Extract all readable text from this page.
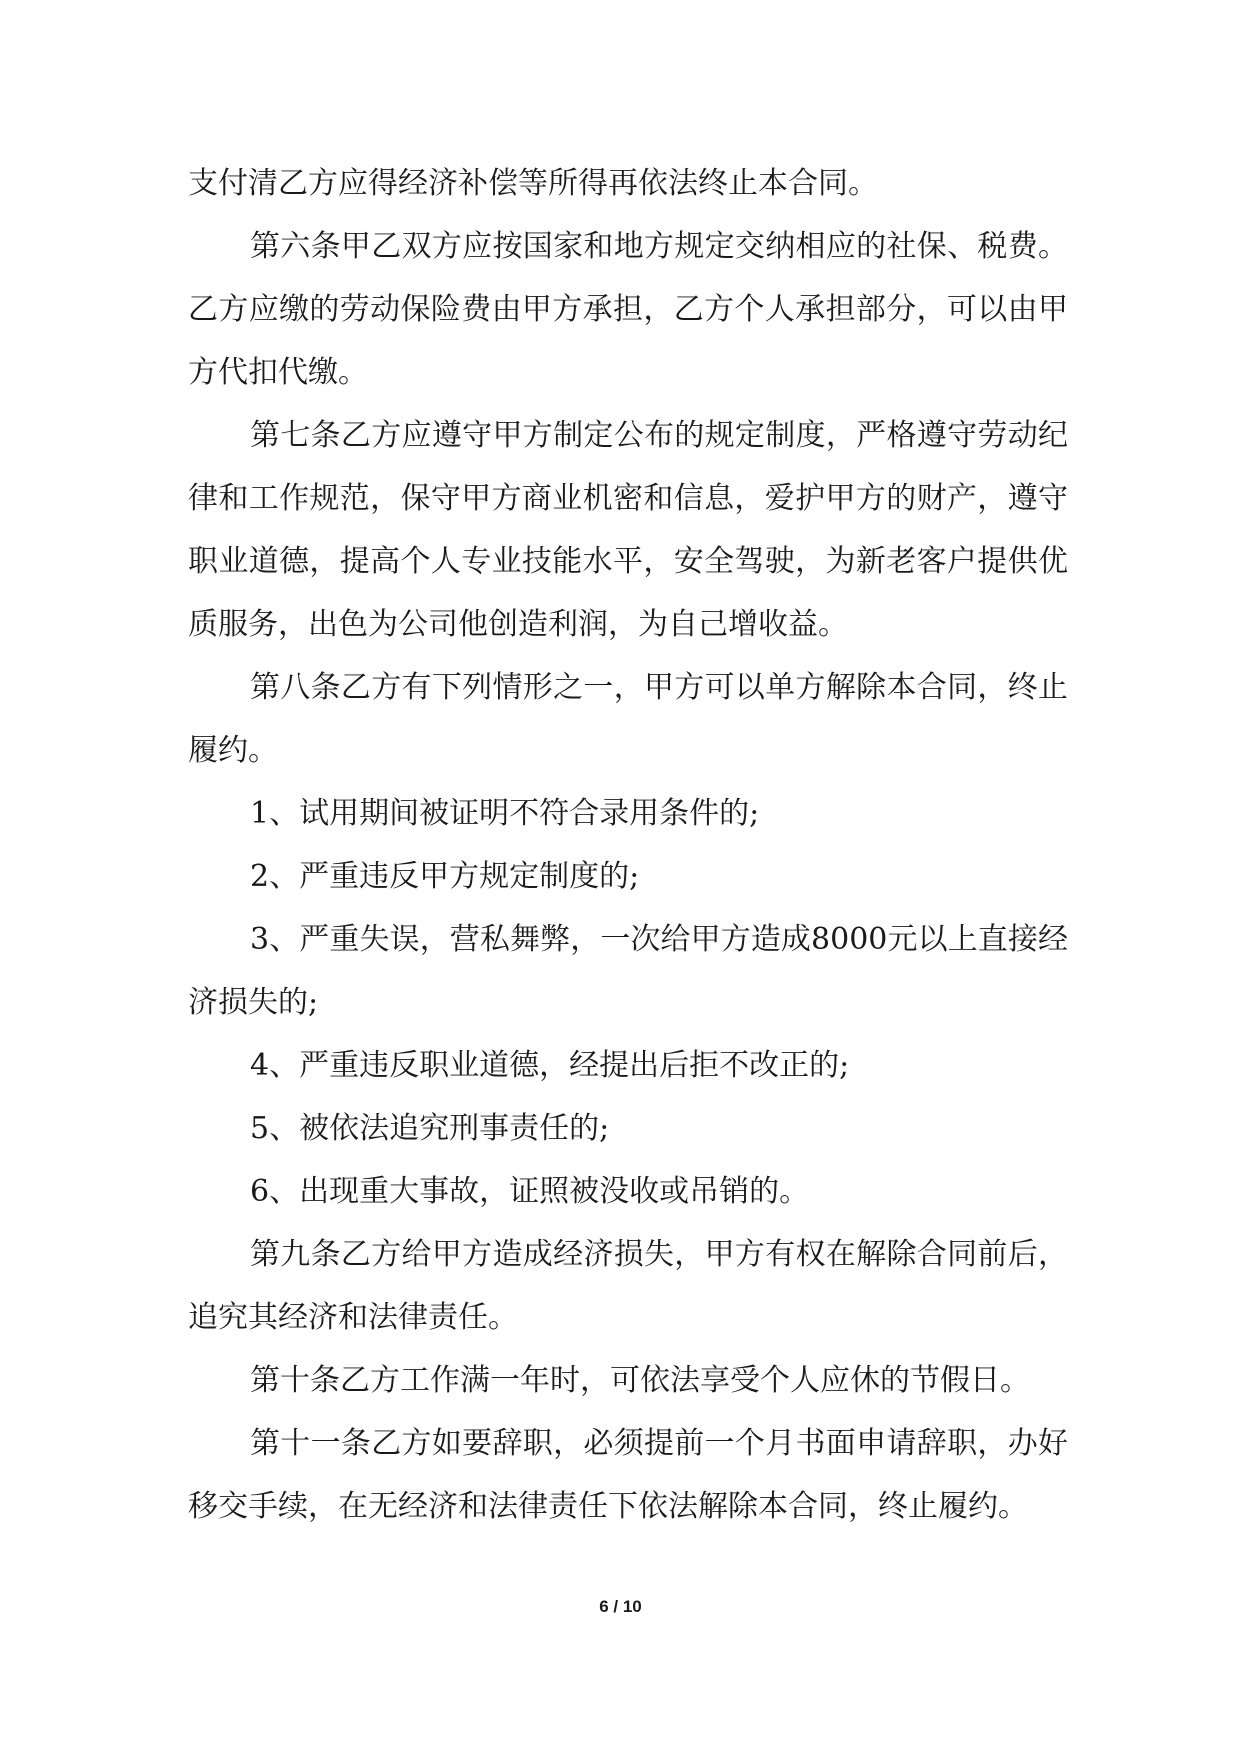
支付清乙方应得经济补偿等所得再依法终止本合同。

第六条甲乙双方应按国家和地方规定交纳相应的社保、税费。乙方应缴的劳动保险费由甲方承担，乙方个人承担部分，可以由甲方代扣代缴。

第七条乙方应遵守甲方制定公布的规定制度，严格遵守劳动纪律和工作规范，保守甲方商业机密和信息，爱护甲方的财产，遵守职业道德，提高个人专业技能水平，安全驾驶，为新老客户提供优质服务，出色为公司他创造利润，为自己增收益。

第八条乙方有下列情形之一，甲方可以单方解除本合同，终止履约。

1、试用期间被证明不符合录用条件的;

2、严重违反甲方规定制度的;

3、严重失误，营私舞弊，一次给甲方造成8000元以上直接经济损失的;

4、严重违反职业道德，经提出后拒不改正的;

5、被依法追究刑事责任的;

6、出现重大事故，证照被没收或吊销的。

第九条乙方给甲方造成经济损失，甲方有权在解除合同前后，追究其经济和法律责任。

第十条乙方工作满一年时，可依法享受个人应休的节假日。

第十一条乙方如要辞职，必须提前一个月书面申请辞职，办好移交手续，在无经济和法律责任下依法解除本合同，终止履约。

6 / 10
